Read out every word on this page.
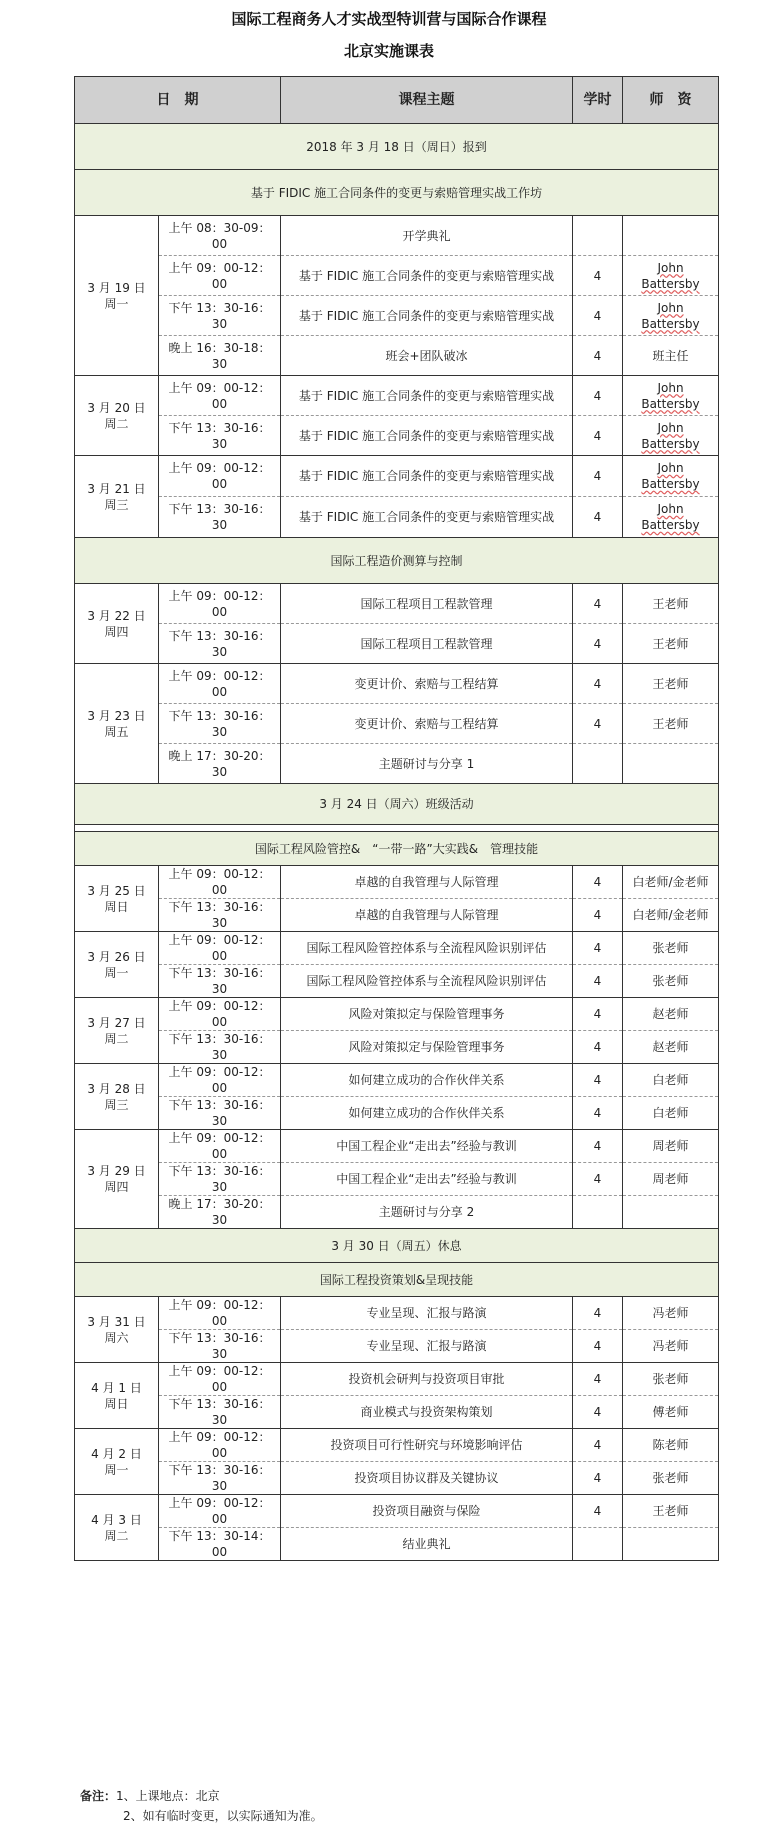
国际工程商务人才实战型特训营与国际合作课程
北京实施课表
日　期		课程主题	学时	师　资
2018 年 3 月 18 日（周日）报到				
基于 FIDIC 施工合同条件的变更与索赔管理实战工作坊				
3 月 19 日
周一	上午 08：30-09：00	开学典礼		
	上午 09：00-12：00	基于 FIDIC 施工合同条件的变更与索赔管理实战	4	John Battersby
	下午 13：30-16：30	基于 FIDIC 施工合同条件的变更与索赔管理实战	4	John Battersby
	晚上 16：30-18：30	班会+团队破冰	4	班主任
3 月 20 日
周二	上午 09：00-12：00	基于 FIDIC 施工合同条件的变更与索赔管理实战	4	John Battersby
	下午 13：30-16：30	基于 FIDIC 施工合同条件的变更与索赔管理实战	4	John Battersby
3 月 21 日
周三	上午 09：00-12：00	基于 FIDIC 施工合同条件的变更与索赔管理实战	4	John Battersby
	下午 13：30-16：30	基于 FIDIC 施工合同条件的变更与索赔管理实战	4	John Battersby
国际工程造价测算与控制				
3 月 22 日
周四	上午 09：00-12：00	国际工程项目工程款管理	4	王老师
	下午 13：30-16：30	国际工程项目工程款管理	4	王老师
3 月 23 日
周五	上午 09：00-12：00	变更计价、索赔与工程结算	4	王老师
	下午 13：30-16：30	变更计价、索赔与工程结算	4	王老师
	晚上 17：30-20：30	主题研讨与分享 1		
3 月 24 日（周六）班级活动				

国际工程风险管控&　“一带一路”大实践&　管理技能				
3 月 25 日
周日	上午 09：00-12：00	卓越的自我管理与人际管理	4	白老师/金老师
	下午 13：30-16：30	卓越的自我管理与人际管理	4	白老师/金老师
3 月 26 日
周一	上午 09：00-12：00	国际工程风险管控体系与全流程风险识别评估	4	张老师
	下午 13：30-16：30	国际工程风险管控体系与全流程风险识别评估	4	张老师
3 月 27 日
周二	上午 09：00-12：00	风险对策拟定与保险管理事务	4	赵老师
	下午 13：30-16：30	风险对策拟定与保险管理事务	4	赵老师
3 月 28 日
周三	上午 09：00-12：00	如何建立成功的合作伙伴关系	4	白老师
	下午 13：30-16：30	如何建立成功的合作伙伴关系	4	白老师
3 月 29 日
周四	上午 09：00-12：00	中国工程企业“走出去”经验与教训	4	周老师
	下午 13：30-16：30	中国工程企业“走出去”经验与教训	4	周老师
	晚上 17：30-20：30	主题研讨与分享 2		
3 月 30 日（周五）休息				
国际工程投资策划&呈现技能				
3 月 31 日
周六	上午 09：00-12：00	专业呈现、汇报与路演	4	冯老师
	下午 13：30-16：30	专业呈现、汇报与路演	4	冯老师
4 月 1 日
周日	上午 09：00-12：00	投资机会研判与投资项目审批	4	张老师
	下午 13：30-16：30	商业模式与投资架构策划	4	傅老师
4 月 2 日
周一	上午 09：00-12：00	投资项目可行性研究与环境影响评估	4	陈老师
	下午 13：30-16：30	投资项目协议群及关键协议	4	张老师
4 月 3 日
周二	上午 09：00-12：00	投资项目融资与保险	4	王老师
	下午 13：30-14：00	结业典礼		
备注：1、上课地点：北京
2、如有临时变更，以实际通知为准。
